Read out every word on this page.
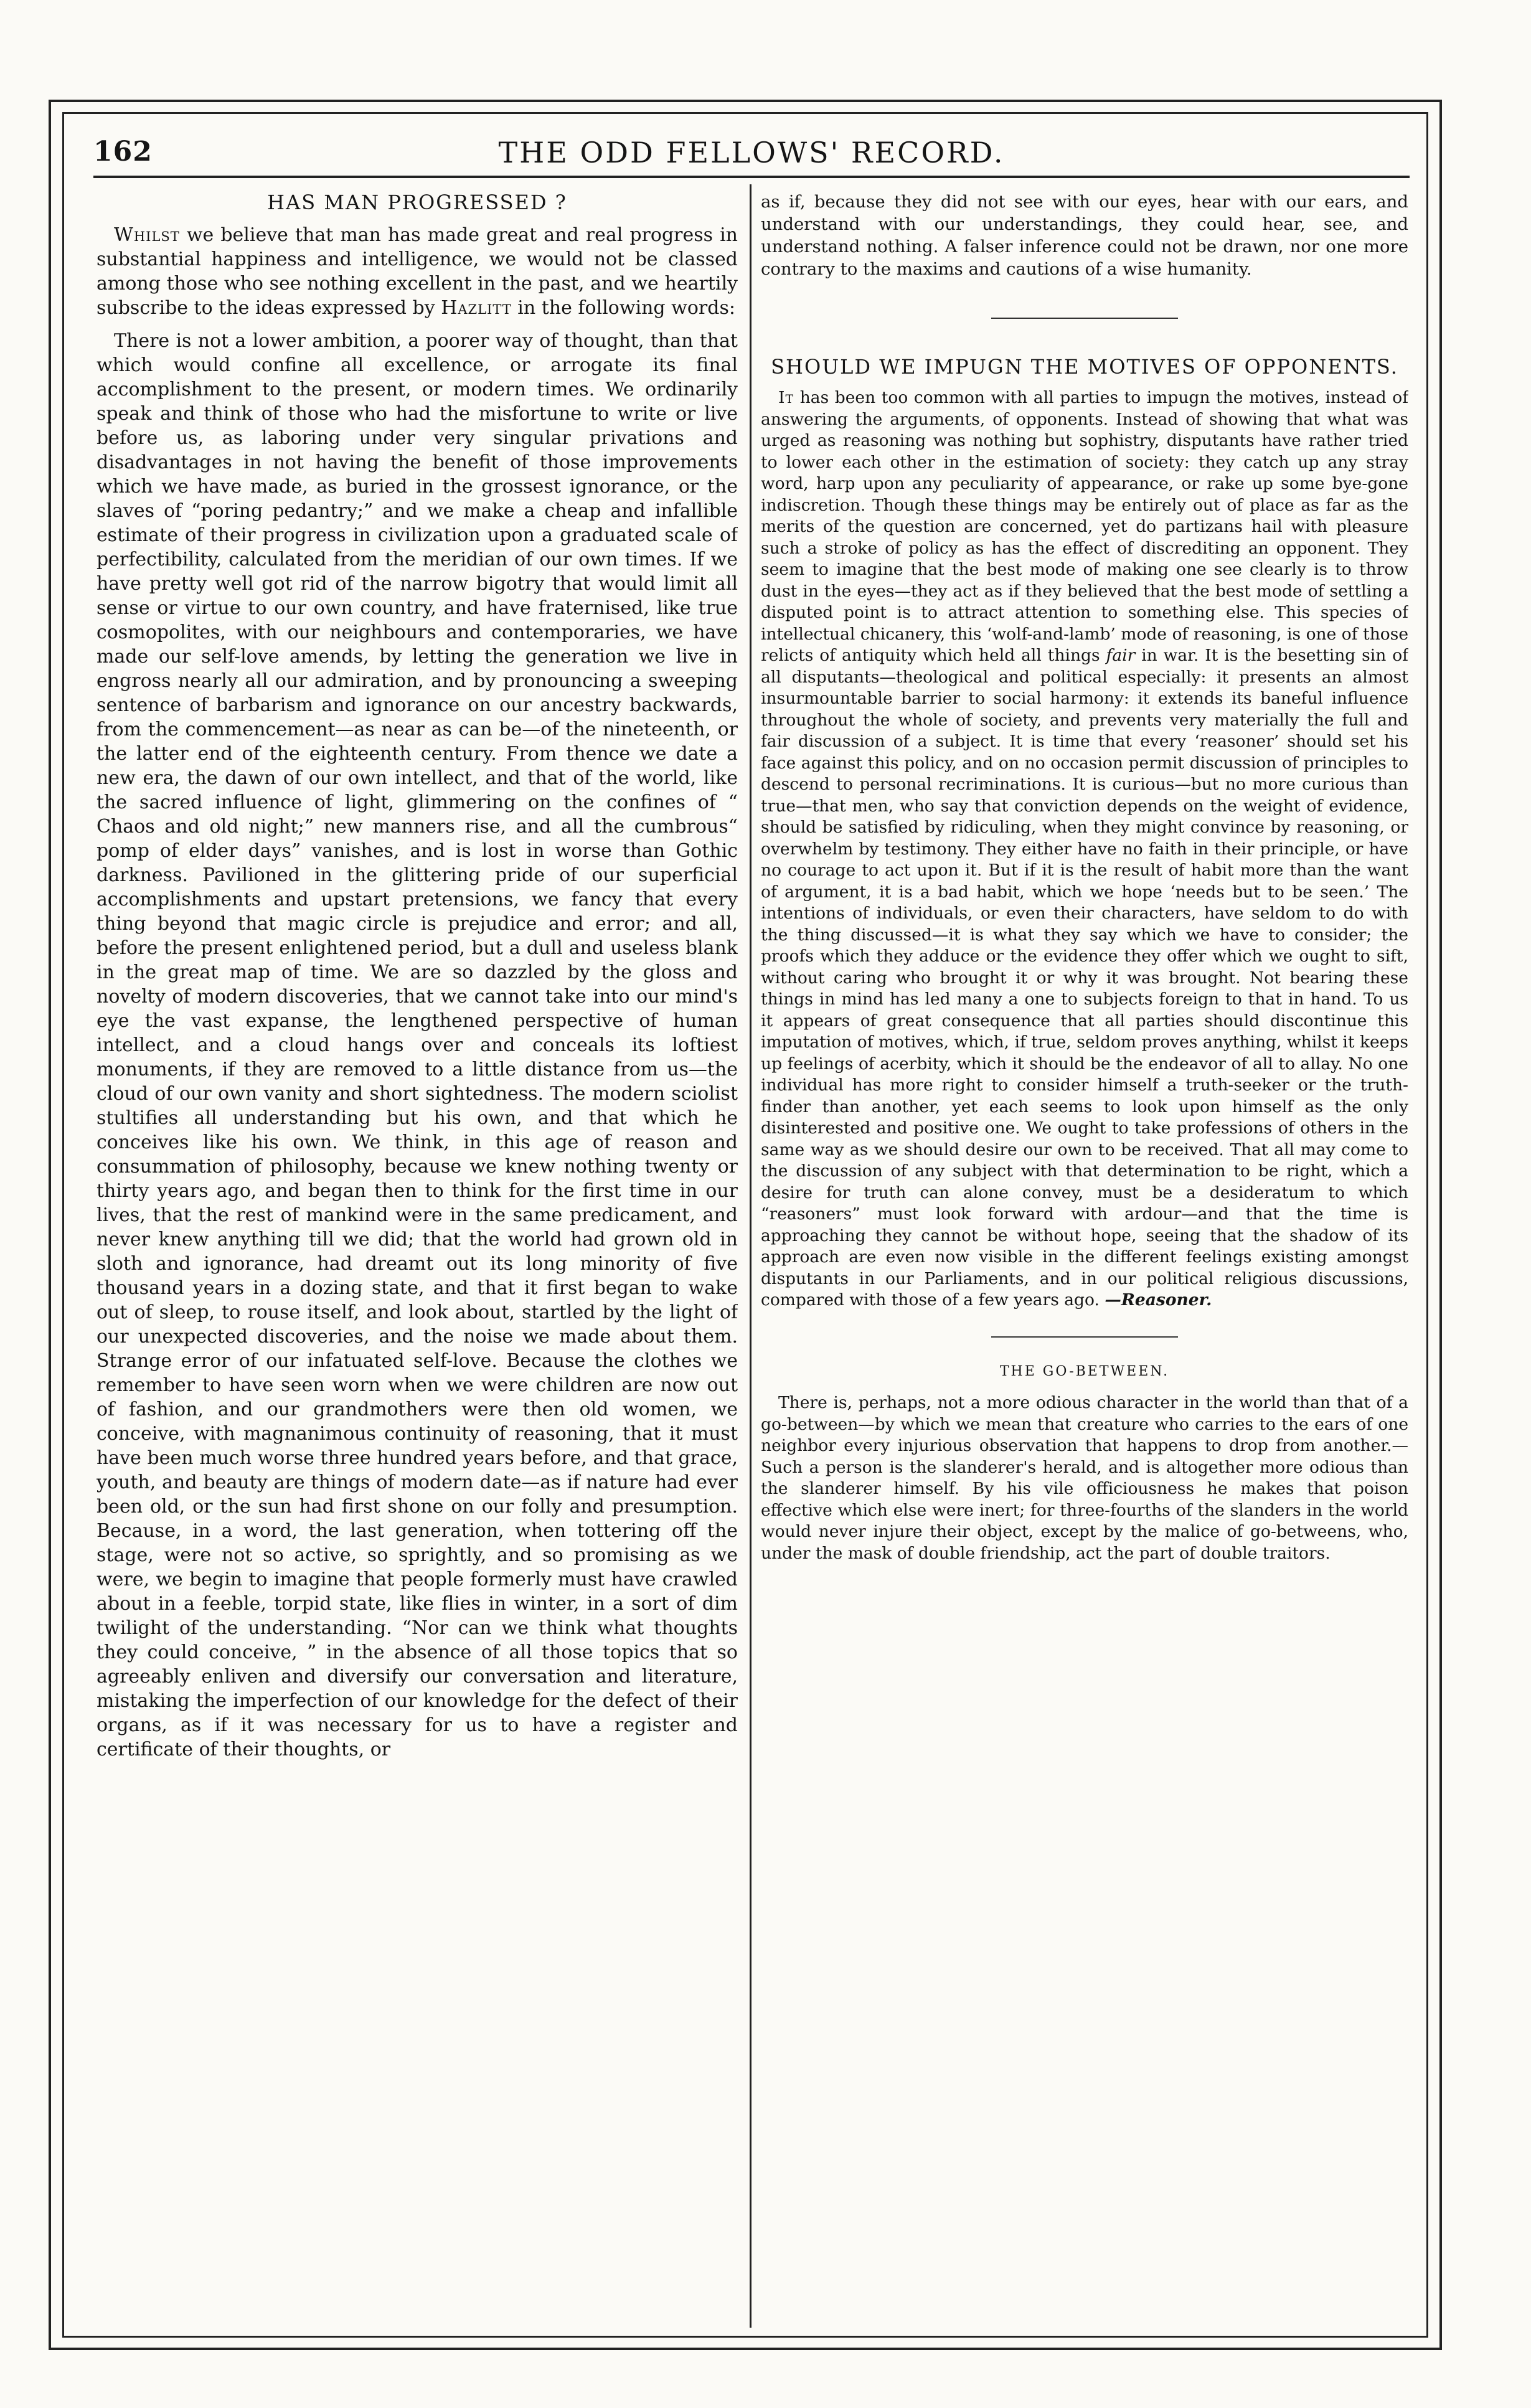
162	THE ODD FELLOWS' RECORD.
HAS MAN PROGRESSED ?

Whilst we believe that man has made great and real progress in substantial happiness and intelligence, we would not be classed among those who see nothing excellent in the past, and we heartily subscribe to the ideas expressed by Hazlitt in the following words:

There is not a lower ambition, a poorer way of thought, than that which would confine all excellence, or arrogate its final accomplishment to the present, or modern times. We ordinarily speak and think of those who had the misfortune to write or live before us, as laboring under very singular privations and disadvantages in not having the benefit of those improvements which we have made, as buried in the grossest ignorance, or the slaves of “poring pedantry;” and we make a cheap and infallible estimate of their progress in civilization upon a graduated scale of perfectibility, calculated from the meridian of our own times. If we have pretty well got rid of the narrow bigotry that would limit all sense or virtue to our own country, and have fraternised, like true cosmopolites, with our neighbours and contemporaries, we have made our self-love amends, by letting the generation we live in engross nearly all our admiration, and by pronouncing a sweeping sentence of barbarism and ignorance on our ancestry backwards, from the commencement—as near as can be—of the nineteenth, or the latter end of the eighteenth century. From thence we date a new era, the dawn of our own intellect, and that of the world, like the sacred influence of light, glimmering on the confines of “ Chaos and old night;” new manners rise, and all the cumbrous“ pomp of elder days” vanishes, and is lost in worse than Gothic darkness. Pavilioned in the glittering pride of our superficial accomplishments and upstart pretensions, we fancy that every thing beyond that magic circle is prejudice and error; and all, before the present enlightened period, but a dull and useless blank in the great map of time. We are so dazzled by the gloss and novelty of modern discoveries, that we cannot take into our mind's eye the vast expanse, the lengthened perspective of human intellect, and a cloud hangs over and conceals its loftiest monuments, if they are removed to a little distance from us—the cloud of our own vanity and short sightedness. The modern sciolist stultifies all understanding but his own, and that which he conceives like his own. We think, in this age of reason and consummation of philosophy, because we knew nothing twenty or thirty years ago, and began then to think for the first time in our lives, that the rest of mankind were in the same predicament, and never knew anything till we did; that the world had grown old in sloth and ignorance, had dreamt out its long minority of five thousand years in a dozing state, and that it first began to wake out of sleep, to rouse itself, and look about, startled by the light of our unexpected discoveries, and the noise we made about them. Strange error of our infatuated self-love. Because the clothes we remember to have seen worn when we were children are now out of fashion, and our grandmothers were then old women, we conceive, with magnanimous continuity of reasoning, that it must have been much worse three hundred years before, and that grace, youth, and beauty are things of modern date—as if nature had ever been old, or the sun had first shone on our folly and presumption. Because, in a word, the last generation, when tottering off the stage, were not so active, so sprightly, and so promising as we were, we begin to imagine that people formerly must have crawled about in a feeble, torpid state, like flies in winter, in a sort of dim twilight of the understanding. “Nor can we think what thoughts they could conceive, ” in the absence of all those topics that so agreeably enliven and diversify our conversation and literature, mistaking the imperfection of our knowledge for the defect of their organs, as if it was necessary for us to have a register and certificate of their thoughts, or

as if, because they did not see with our eyes, hear with our ears, and understand with our understandings, they could hear, see, and understand nothing. A falser inference could not be drawn, nor one more contrary to the maxims and cautions of a wise humanity.

SHOULD WE IMPUGN THE MOTIVES OF OPPONENTS.

It has been too common with all parties to impugn the motives, instead of answering the arguments, of opponents. Instead of showing that what was urged as reasoning was nothing but sophistry, disputants have rather tried to lower each other in the estimation of society: they catch up any stray word, harp upon any peculiarity of appearance, or rake up some bye-gone indiscretion. Though these things may be entirely out of place as far as the merits of the question are concerned, yet do partizans hail with pleasure such a stroke of policy as has the effect of discrediting an opponent. They seem to imagine that the best mode of making one see clearly is to throw dust in the eyes—they act as if they believed that the best mode of settling a disputed point is to attract attention to something else. This species of intellectual chicanery, this ‘wolf-and-lamb’ mode of reasoning, is one of those relicts of antiquity which held all things fair in war. It is the besetting sin of all disputants—theological and political especially: it presents an almost insurmountable barrier to social harmony: it extends its baneful influence throughout the whole of society, and prevents very materially the full and fair discussion of a subject. It is time that every ‘reasoner’ should set his face against this policy, and on no occasion permit discussion of principles to descend to personal recriminations. It is curious—but no more curious than true—that men, who say that conviction depends on the weight of evidence, should be satisfied by ridiculing, when they might convince by reasoning, or overwhelm by testimony. They either have no faith in their principle, or have no courage to act upon it. But if it is the result of habit more than the want of argument, it is a bad habit, which we hope ‘needs but to be seen.’ The intentions of individuals, or even their characters, have seldom to do with the thing discussed—it is what they say which we have to consider; the proofs which they adduce or the evidence they offer which we ought to sift, without caring who brought it or why it was brought. Not bearing these things in mind has led many a one to subjects foreign to that in hand. To us it appears of great consequence that all parties should discontinue this imputation of motives, which, if true, seldom proves anything, whilst it keeps up feelings of acerbity, which it should be the endeavor of all to allay. No one individual has more right to consider himself a truth-seeker or the truth-finder than another, yet each seems to look upon himself as the only disinterested and positive one. We ought to take professions of others in the same way as we should desire our own to be received. That all may come to the discussion of any subject with that determination to be right, which a desire for truth can alone convey, must be a desideratum to which “reasoners” must look forward with ardour—and that the time is approaching they cannot be without hope, seeing that the shadow of its approach are even now visible in the different feelings existing amongst disputants in our Parliaments, and in our political religious discussions, compared with those of a few years ago. —Reasoner.

THE GO-BETWEEN.

There is, perhaps, not a more odious character in the world than that of a go-between—by which we mean that creature who carries to the ears of one neighbor every injurious observation that happens to drop from another.—Such a person is the slanderer's herald, and is altogether more odious than the slanderer himself. By his vile officiousness he makes that poison effective which else were inert; for three-fourths of the slanders in the world would never injure their object, except by the malice of go-betweens, who, under the mask of double friendship, act the part of double traitors.
